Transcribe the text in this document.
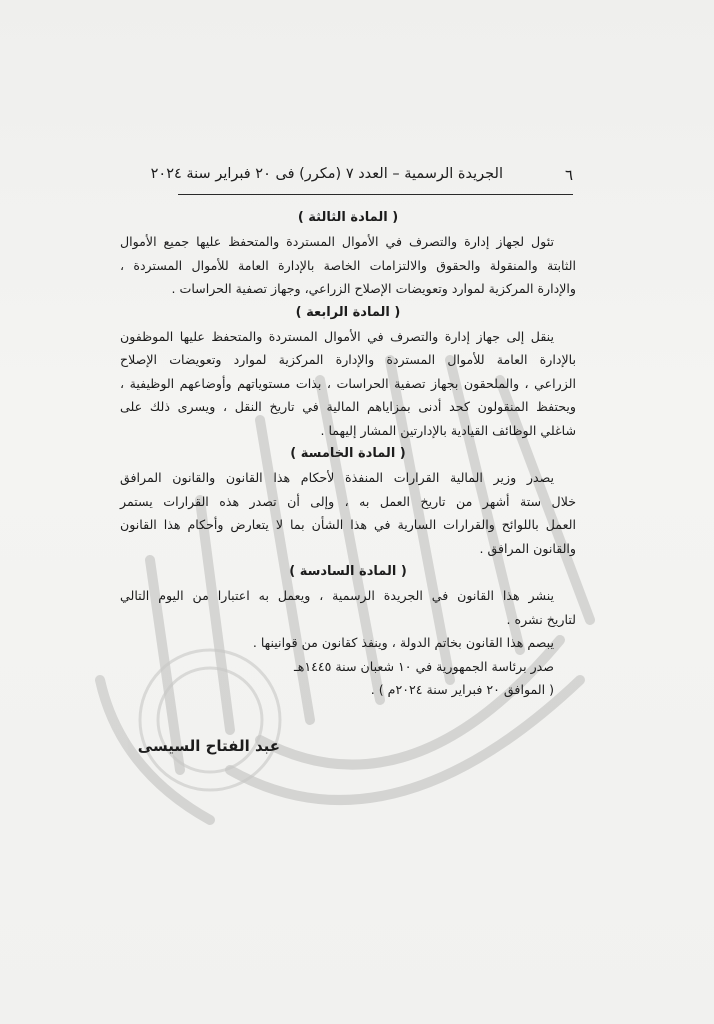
٦
الجريدة الرسمية – العدد ٧ (مكرر) فى ٢٠ فبراير سنة ٢٠٢٤

( المادة الثالثة )

تئول لجهاز إدارة والتصرف في الأموال المستردة والمتحفظ عليها جميع الأموال
الثابتة والمنقولة والحقوق والالتزامات الخاصة بالإدارة العامة للأموال المستردة ،
والإدارة المركزية لموارد وتعويضات الإصلاح الزراعي، وجهاز تصفية الحراسات .

( المادة الرابعة )

ينقل إلى جهاز إدارة والتصرف في الأموال المستردة والمتحفظ عليها الموظفون
بالإدارة العامة للأموال المستردة والإدارة المركزية لموارد وتعويضات الإصلاح
الزراعي ، والملحقون بجهاز تصفية الحراسات ، بذات مستوياتهم وأوضاعهم الوظيفية ،
ويحتفظ المنقولون كحد أدنى بمزاياهم المالية في تاريخ النقل ، ويسرى ذلك على
شاغلي الوظائف القيادية بالإدارتين المشار إليهما .

( المادة الخامسة )

يصدر وزير المالية القرارات المنفذة لأحكام هذا القانون والقانون المرافق
خلال ستة أشهر من تاريخ العمل به ، وإلى أن تصدر هذه القرارات يستمر
العمل باللوائح والقرارات السارية في هذا الشأن بما لا يتعارض وأحكام هذا القانون
والقانون المرافق .

( المادة السادسة )

ينشر هذا القانون في الجريدة الرسمية ، ويعمل به اعتبارا من اليوم التالي
لتاريخ نشره .

يبصم هذا القانون بخاتم الدولة ، وينفذ كقانون من قوانينها .
صدر برئاسة الجمهورية في ١٠ شعبان سنة ١٤٤٥هـ
( الموافق ٢٠ فبراير سنة ٢٠٢٤م ) .

عبد الفتاح السيسى
